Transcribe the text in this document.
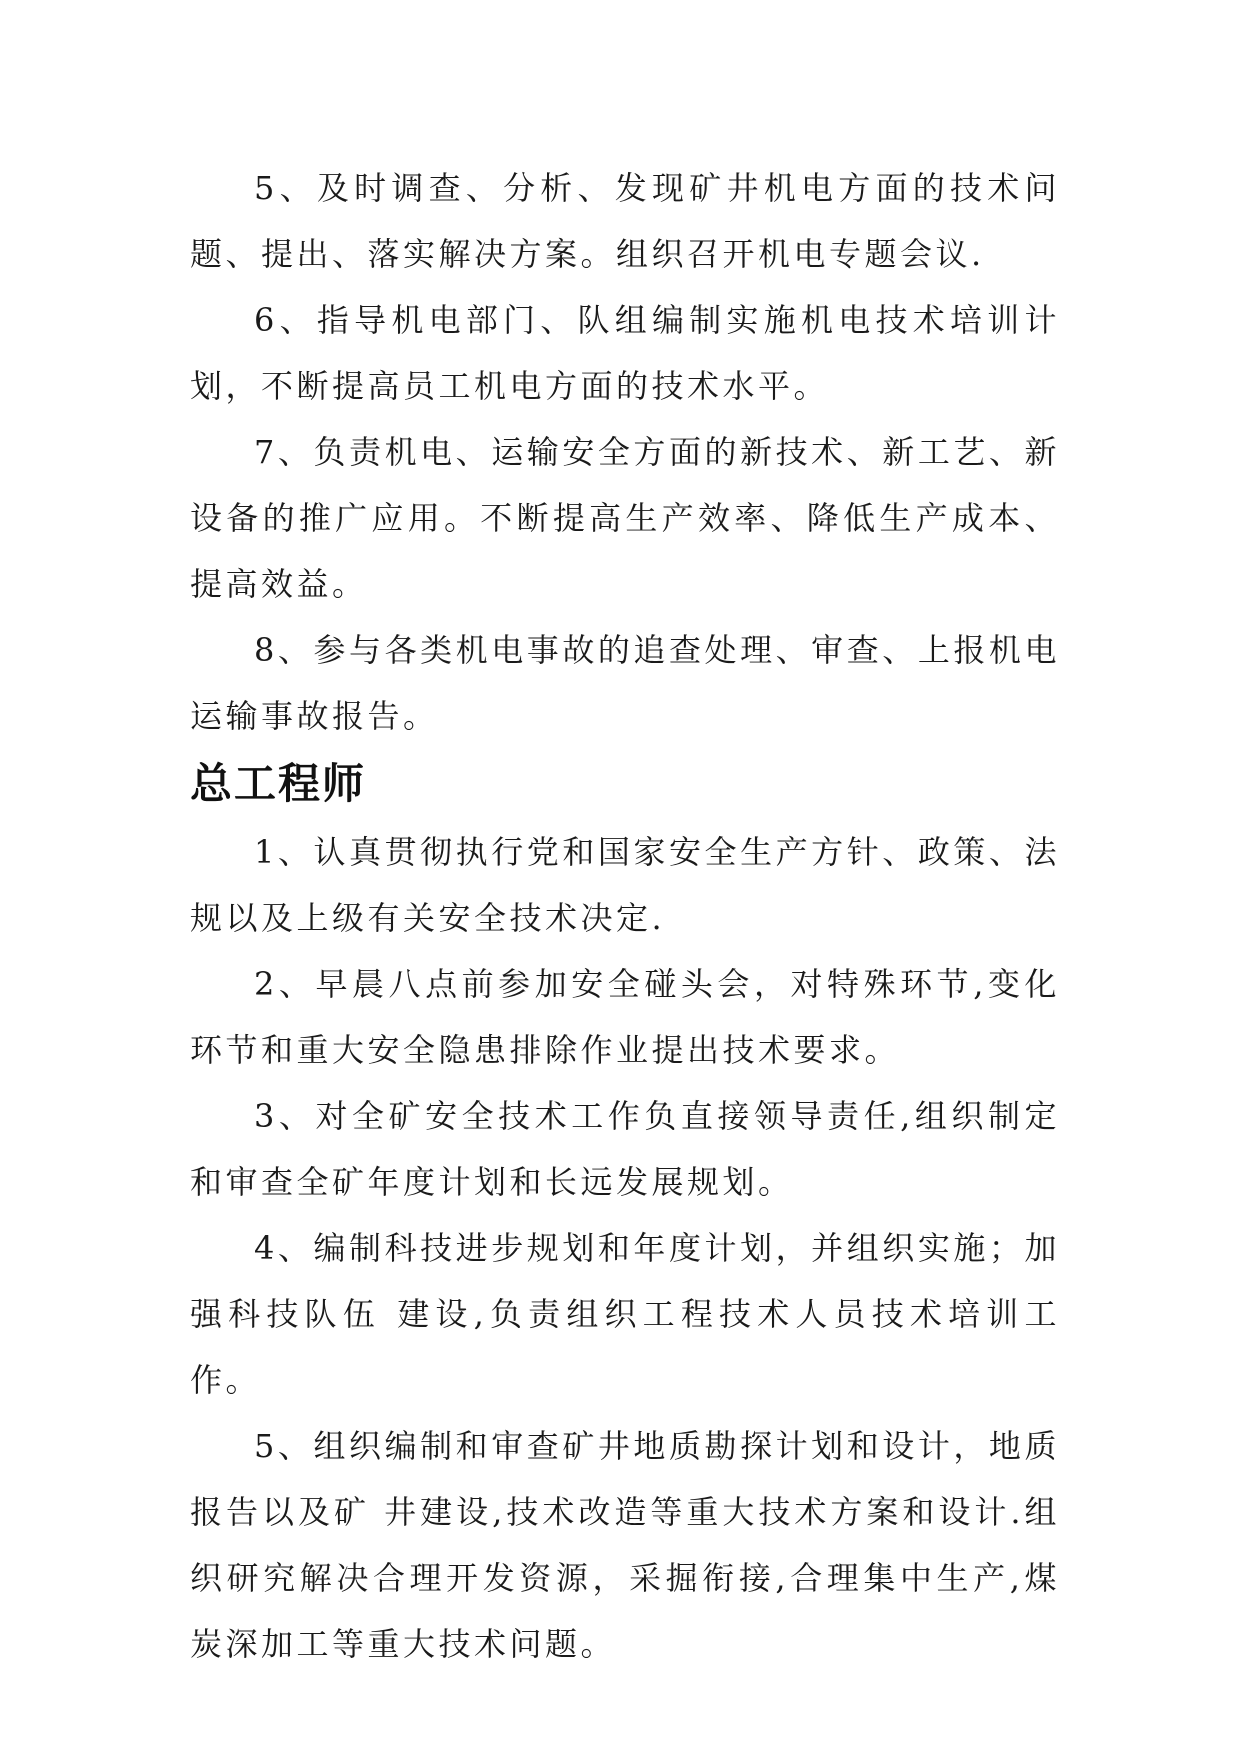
5、及时调查、分析、发现矿井机电方面的技术问题、提出、落实解决方案。组织召开机电专题会议.

6、指导机电部门、队组编制实施机电技术培训计划，不断提高员工机电方面的技术水平。

7、负责机电、运输安全方面的新技术、新工艺、新设备的推广应用。不断提高生产效率、降低生产成本、提高效益。

8、参与各类机电事故的追查处理、审查、上报机电运输事故报告。

总工程师

1、认真贯彻执行党和国家安全生产方针、政策、法规以及上级有关安全技术决定.

2、早晨八点前参加安全碰头会，对特殊环节,变化环节和重大安全隐患排除作业提出技术要求。

3、对全矿安全技术工作负直接领导责任,组织制定和审查全矿年度计划和长远发展规划。

4、编制科技进步规划和年度计划，并组织实施；加强科技队伍 建设,负责组织工程技术人员技术培训工作。

5、组织编制和审查矿井地质勘探计划和设计，地质报告以及矿 井建设,技术改造等重大技术方案和设计.组织研究解决合理开发资源，采掘衔接,合理集中生产,煤炭深加工等重大技术问题。
